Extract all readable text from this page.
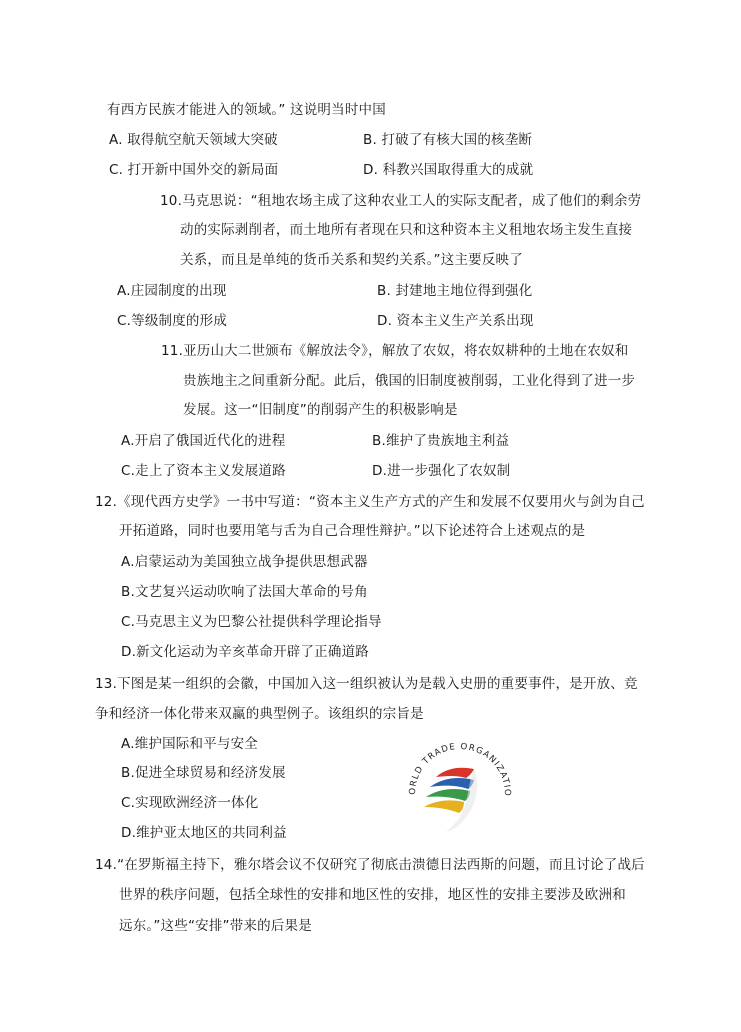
有西方民族才能进入的领域。” 这说明当时中国
A. 取得航空航天领域大突破	B. 打破了有核大国的核垄断
C. 打开新中国外交的新局面	D. 科教兴国取得重大的成就
10.马克思说：“租地农场主成了这种农业工人的实际支配者，成了他们的剩余劳
动的实际剥削者，而土地所有者现在只和这种资本主义租地农场主发生直接
关系，而且是单纯的货币关系和契约关系。”这主要反映了
A.庄园制度的出现	B. 封建地主地位得到强化
C.等级制度的形成	D. 资本主义生产关系出现
11.亚历山大二世颁布《解放法令》，解放了农奴，将农奴耕种的土地在农奴和
贵族地主之间重新分配。此后，俄国的旧制度被削弱，工业化得到了进一步
发展。这一“旧制度”的削弱产生的积极影响是
A.开启了俄国近代化的进程	B.维护了贵族地主利益
C.走上了资本主义发展道路	D.进一步强化了农奴制
12.《现代西方史学》一书中写道：“资本主义生产方式的产生和发展不仅要用火与剑为自己
开拓道路，同时也要用笔与舌为自己合理性辩护。”以下论述符合上述观点的是
A.启蒙运动为美国独立战争提供思想武器
B.文艺复兴运动吹响了法国大革命的号角
C.马克思主义为巴黎公社提供科学理论指导
D.新文化运动为辛亥革命开辟了正确道路
13.下图是某一组织的会徽，中国加入这一组织被认为是载入史册的重要事件，是开放、竞
争和经济一体化带来双赢的典型例子。该组织的宗旨是
A.维护国际和平与安全
B.促进全球贸易和经济发展
C.实现欧洲经济一体化
D.维护亚太地区的共同利益
ORLD TRADE ORGANIZATIO
14.“在罗斯福主持下，雅尔塔会议不仅研究了彻底击溃德日法西斯的问题，而且讨论了战后
世界的秩序问题，包括全球性的安排和地区性的安排，地区性的安排主要涉及欧洲和
远东。”这些“安排”带来的后果是
